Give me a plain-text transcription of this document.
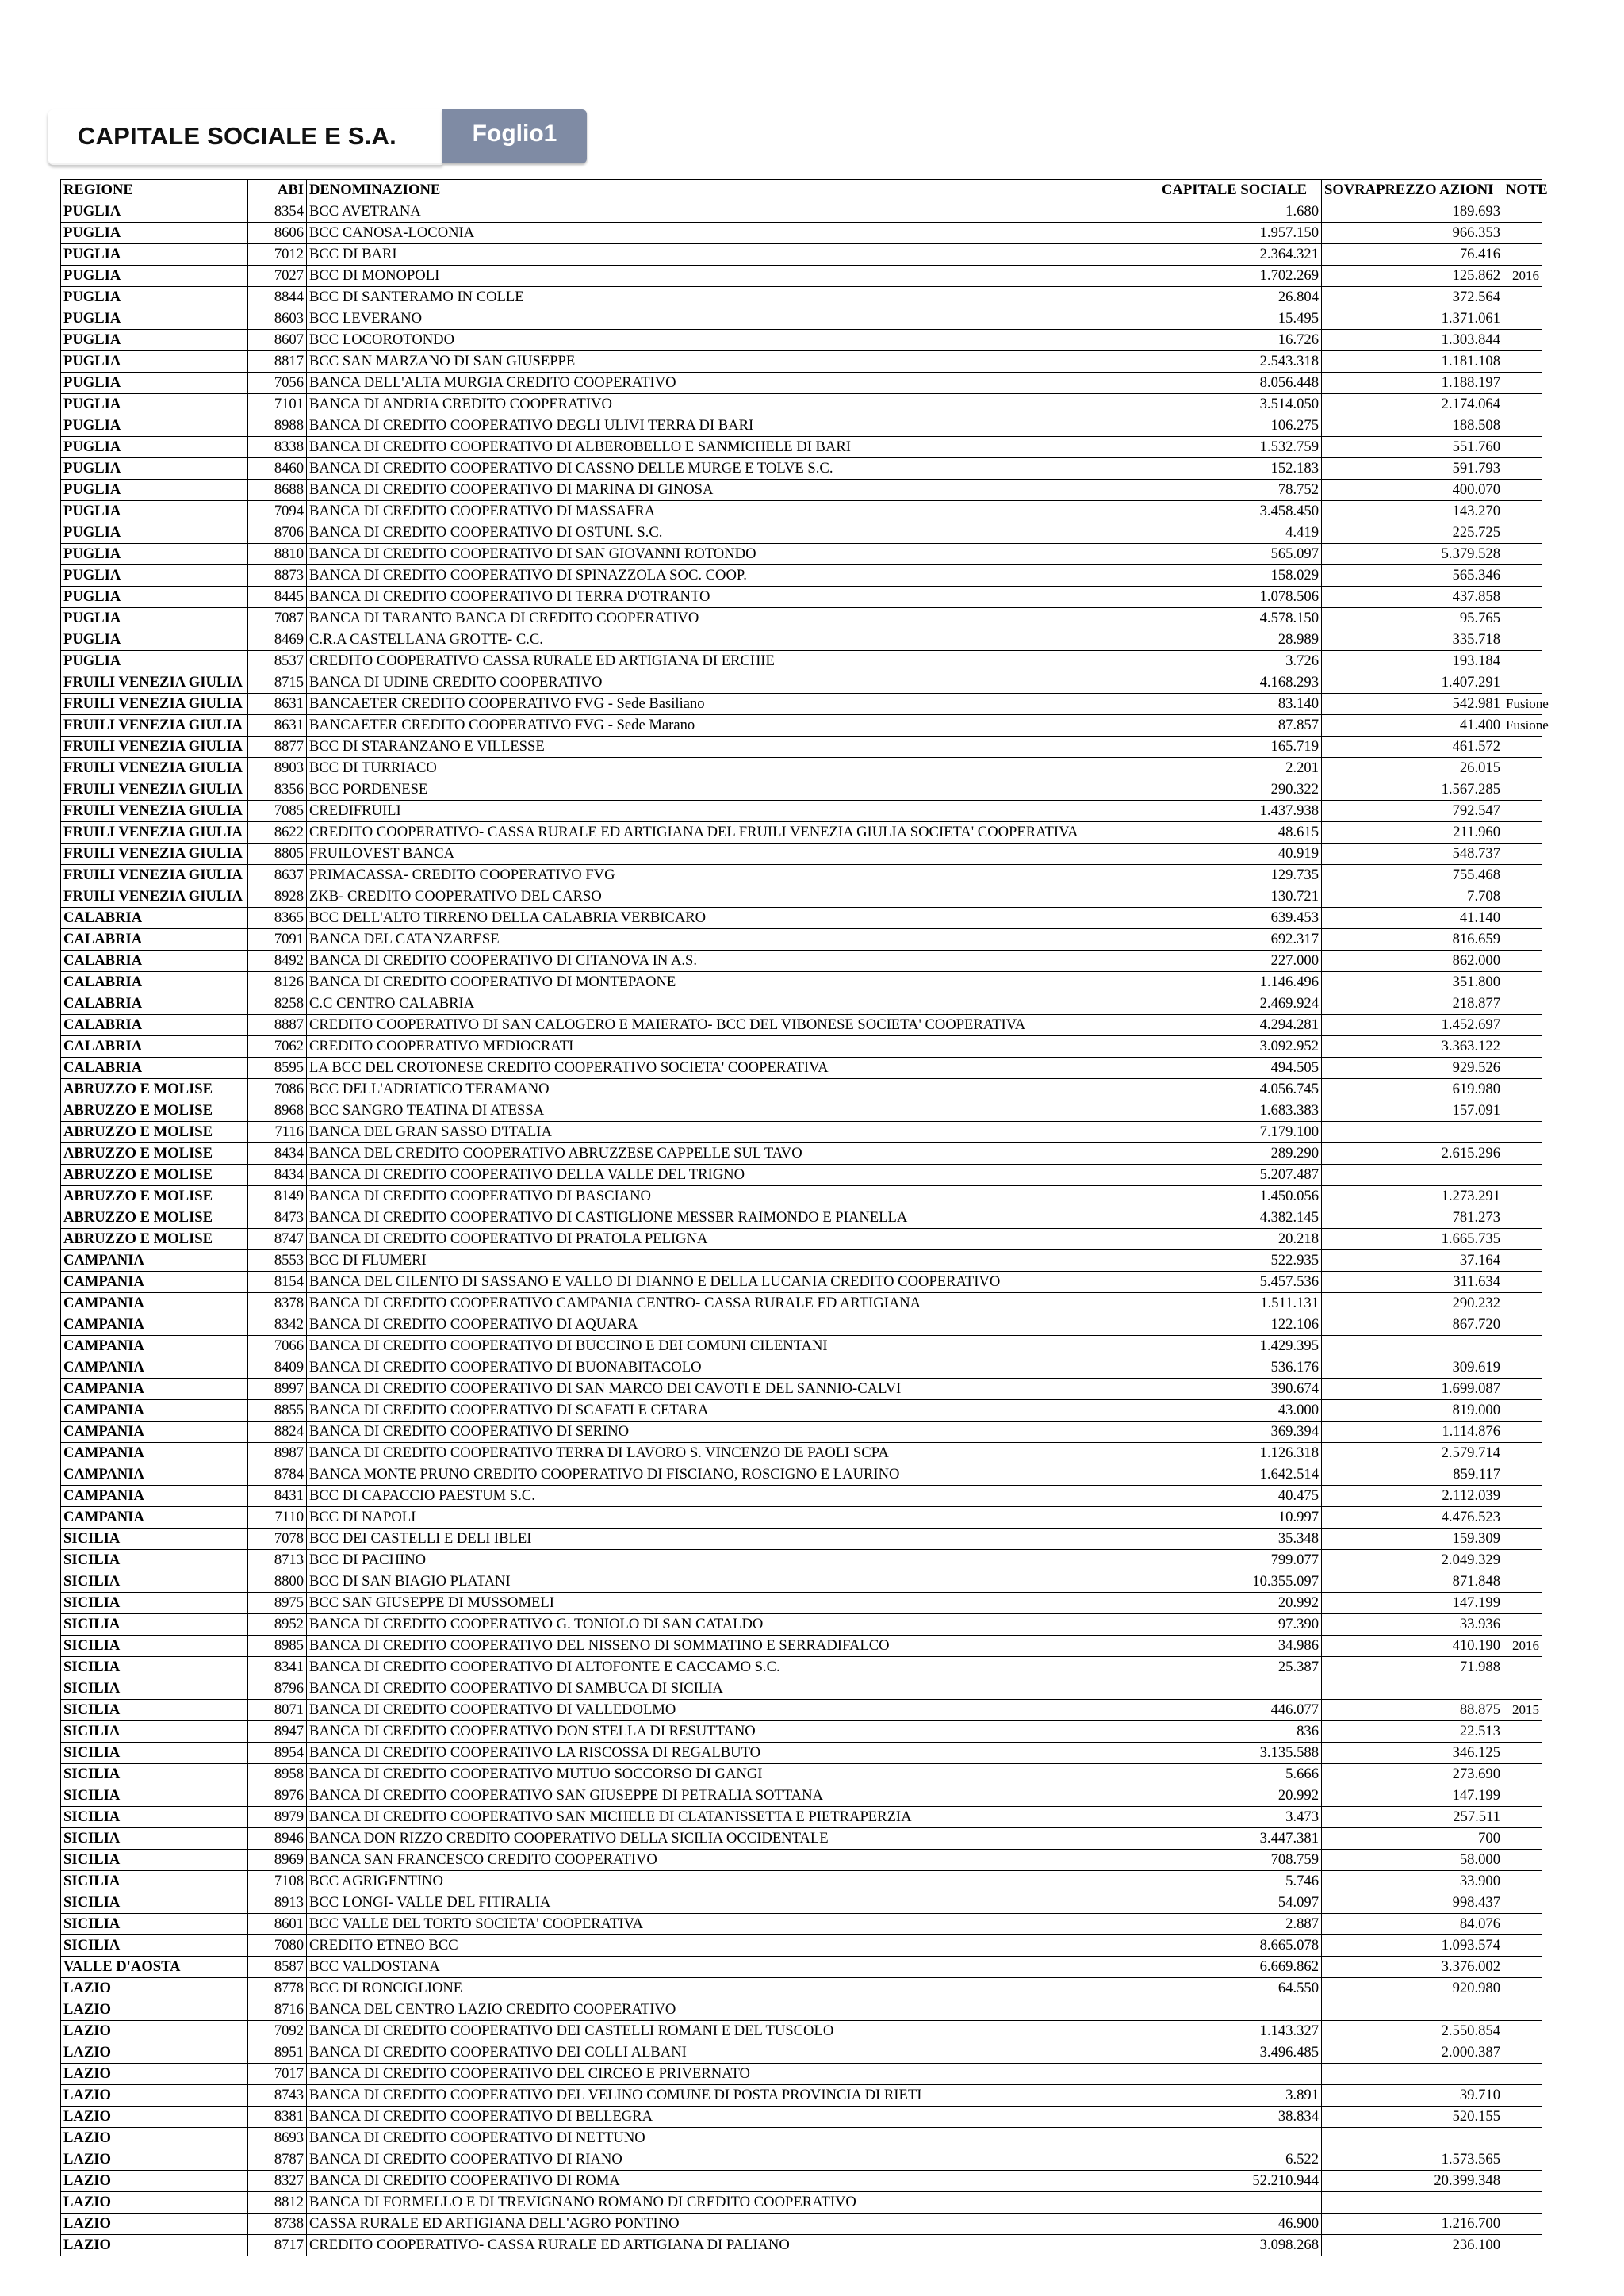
CAPITALE SOCIALE E S.A.	Foglio1
REGIONE	ABI	DENOMINAZIONE	CAPITALE SOCIALE	SOVRAPREZZO AZIONI	NOTE
PUGLIA	8354	BCC AVETRANA	1.680	189.693	
PUGLIA	8606	BCC CANOSA-LOCONIA	1.957.150	966.353	
PUGLIA	7012	BCC DI BARI	2.364.321	76.416	
PUGLIA	7027	BCC DI MONOPOLI	1.702.269	125.862	2016
PUGLIA	8844	BCC DI SANTERAMO IN COLLE	26.804	372.564	
PUGLIA	8603	BCC LEVERANO	15.495	1.371.061	
PUGLIA	8607	BCC LOCOROTONDO	16.726	1.303.844	
PUGLIA	8817	BCC SAN MARZANO DI SAN GIUSEPPE	2.543.318	1.181.108	
PUGLIA	7056	BANCA DELL'ALTA MURGIA CREDITO COOPERATIVO	8.056.448	1.188.197	
PUGLIA	7101	BANCA DI ANDRIA CREDITO COOPERATIVO	3.514.050	2.174.064	
PUGLIA	8988	BANCA DI CREDITO COOPERATIVO DEGLI ULIVI TERRA DI BARI	106.275	188.508	
PUGLIA	8338	BANCA DI CREDITO COOPERATIVO DI ALBEROBELLO E SANMICHELE DI BARI	1.532.759	551.760	
PUGLIA	8460	BANCA DI CREDITO COOPERATIVO DI CASSNO DELLE MURGE E TOLVE S.C.	152.183	591.793	
PUGLIA	8688	BANCA DI CREDITO COOPERATIVO DI MARINA DI GINOSA	78.752	400.070	
PUGLIA	7094	BANCA DI CREDITO COOPERATIVO DI MASSAFRA	3.458.450	143.270	
PUGLIA	8706	BANCA DI CREDITO COOPERATIVO DI OSTUNI. S.C.	4.419	225.725	
PUGLIA	8810	BANCA DI CREDITO COOPERATIVO DI SAN GIOVANNI ROTONDO	565.097	5.379.528	
PUGLIA	8873	BANCA DI CREDITO COOPERATIVO DI SPINAZZOLA SOC. COOP.	158.029	565.346	
PUGLIA	8445	BANCA DI CREDITO COOPERATIVO DI TERRA D'OTRANTO	1.078.506	437.858	
PUGLIA	7087	BANCA DI TARANTO BANCA DI CREDITO COOPERATIVO	4.578.150	95.765	
PUGLIA	8469	C.R.A CASTELLANA GROTTE- C.C.	28.989	335.718	
PUGLIA	8537	CREDITO COOPERATIVO CASSA RURALE ED ARTIGIANA DI ERCHIE	3.726	193.184	
FRUILI VENEZIA GIULIA	8715	BANCA DI UDINE CREDITO COOPERATIVO	4.168.293	1.407.291	
FRUILI VENEZIA GIULIA	8631	BANCAETER CREDITO COOPERATIVO FVG - Sede Basiliano	83.140	542.981	Fusione
FRUILI VENEZIA GIULIA	8631	BANCAETER CREDITO COOPERATIVO FVG - Sede Marano	87.857	41.400	Fusione
FRUILI VENEZIA GIULIA	8877	BCC DI STARANZANO E VILLESSE	165.719	461.572	
FRUILI VENEZIA GIULIA	8903	BCC DI TURRIACO	2.201	26.015	
FRUILI VENEZIA GIULIA	8356	BCC PORDENESE	290.322	1.567.285	
FRUILI VENEZIA GIULIA	7085	CREDIFRUILI	1.437.938	792.547	
FRUILI VENEZIA GIULIA	8622	CREDITO COOPERATIVO- CASSA RURALE ED ARTIGIANA DEL FRUILI VENEZIA GIULIA SOCIETA' COOPERATIVA	48.615	211.960	
FRUILI VENEZIA GIULIA	8805	FRUILOVEST BANCA	40.919	548.737	
FRUILI VENEZIA GIULIA	8637	PRIMACASSA- CREDITO COOPERATIVO FVG	129.735	755.468	
FRUILI VENEZIA GIULIA	8928	ZKB- CREDITO COOPERATIVO DEL CARSO	130.721	7.708	
CALABRIA	8365	BCC DELL'ALTO TIRRENO DELLA CALABRIA VERBICARO	639.453	41.140	
CALABRIA	7091	BANCA DEL CATANZARESE	692.317	816.659	
CALABRIA	8492	BANCA DI CREDITO COOPERATIVO DI CITANOVA IN A.S.	227.000	862.000	
CALABRIA	8126	BANCA DI CREDITO COOPERATIVO DI MONTEPAONE	1.146.496	351.800	
CALABRIA	8258	C.C CENTRO CALABRIA	2.469.924	218.877	
CALABRIA	8887	CREDITO COOPERATIVO DI SAN CALOGERO E MAIERATO- BCC DEL VIBONESE SOCIETA' COOPERATIVA	4.294.281	1.452.697	
CALABRIA	7062	CREDITO COOPERATIVO MEDIOCRATI	3.092.952	3.363.122	
CALABRIA	8595	LA BCC DEL CROTONESE CREDITO COOPERATIVO SOCIETA' COOPERATIVA	494.505	929.526	
ABRUZZO E MOLISE	7086	BCC DELL'ADRIATICO TERAMANO	4.056.745	619.980	
ABRUZZO E MOLISE	8968	BCC SANGRO TEATINA DI ATESSA	1.683.383	157.091	
ABRUZZO E MOLISE	7116	BANCA DEL GRAN SASSO D'ITALIA	7.179.100		
ABRUZZO E MOLISE	8434	BANCA DEL CREDITO COOPERATIVO ABRUZZESE CAPPELLE SUL TAVO	289.290	2.615.296	
ABRUZZO E MOLISE	8434	BANCA DI CREDITO COOPERATIVO DELLA VALLE DEL TRIGNO	5.207.487		
ABRUZZO E MOLISE	8149	BANCA DI CREDITO COOPERATIVO DI BASCIANO	1.450.056	1.273.291	
ABRUZZO E MOLISE	8473	BANCA DI CREDITO COOPERATIVO DI CASTIGLIONE MESSER RAIMONDO E PIANELLA	4.382.145	781.273	
ABRUZZO E MOLISE	8747	BANCA DI CREDITO COOPERATIVO DI PRATOLA PELIGNA	20.218	1.665.735	
CAMPANIA	8553	BCC DI FLUMERI	522.935	37.164	
CAMPANIA	8154	BANCA DEL CILENTO DI SASSANO E VALLO DI DIANNO E DELLA LUCANIA CREDITO COOPERATIVO	5.457.536	311.634	
CAMPANIA	8378	BANCA DI CREDITO COOPERATIVO CAMPANIA CENTRO- CASSA RURALE ED ARTIGIANA	1.511.131	290.232	
CAMPANIA	8342	BANCA DI CREDITO COOPERATIVO DI AQUARA	122.106	867.720	
CAMPANIA	7066	BANCA DI CREDITO COOPERATIVO DI BUCCINO E DEI COMUNI CILENTANI	1.429.395		
CAMPANIA	8409	BANCA DI CREDITO COOPERATIVO DI BUONABITACOLO	536.176	309.619	
CAMPANIA	8997	BANCA DI CREDITO COOPERATIVO DI SAN MARCO DEI CAVOTI E DEL SANNIO-CALVI	390.674	1.699.087	
CAMPANIA	8855	BANCA DI CREDITO COOPERATIVO DI SCAFATI E CETARA	43.000	819.000	
CAMPANIA	8824	BANCA DI CREDITO COOPERATIVO DI SERINO	369.394	1.114.876	
CAMPANIA	8987	BANCA DI CREDITO COOPERATIVO TERRA DI LAVORO S. VINCENZO DE PAOLI SCPA	1.126.318	2.579.714	
CAMPANIA	8784	BANCA MONTE PRUNO CREDITO COOPERATIVO DI FISCIANO, ROSCIGNO E LAURINO	1.642.514	859.117	
CAMPANIA	8431	BCC DI CAPACCIO PAESTUM S.C.	40.475	2.112.039	
CAMPANIA	7110	BCC DI NAPOLI	10.997	4.476.523	
SICILIA	7078	BCC DEI CASTELLI E DELI IBLEI	35.348	159.309	
SICILIA	8713	BCC DI PACHINO	799.077	2.049.329	
SICILIA	8800	BCC DI SAN BIAGIO PLATANI	10.355.097	871.848	
SICILIA	8975	BCC SAN GIUSEPPE DI MUSSOMELI	20.992	147.199	
SICILIA	8952	BANCA DI CREDITO COOPERATIVO G. TONIOLO DI SAN CATALDO	97.390	33.936	
SICILIA	8985	BANCA DI CREDITO COOPERATIVO DEL NISSENO DI SOMMATINO E SERRADIFALCO	34.986	410.190	2016
SICILIA	8341	BANCA DI CREDITO COOPERATIVO DI ALTOFONTE E CACCAMO S.C.	25.387	71.988	
SICILIA	8796	BANCA DI CREDITO COOPERATIVO DI SAMBUCA DI SICILIA			
SICILIA	8071	BANCA DI CREDITO COOPERATIVO DI VALLEDOLMO	446.077	88.875	2015
SICILIA	8947	BANCA DI CREDITO COOPERATIVO DON STELLA DI RESUTTANO	836	22.513	
SICILIA	8954	BANCA DI CREDITO COOPERATIVO LA RISCOSSA DI REGALBUTO	3.135.588	346.125	
SICILIA	8958	BANCA DI CREDITO COOPERATIVO MUTUO SOCCORSO DI GANGI	5.666	273.690	
SICILIA	8976	BANCA DI CREDITO COOPERATIVO SAN GIUSEPPE DI PETRALIA SOTTANA	20.992	147.199	
SICILIA	8979	BANCA DI CREDITO COOPERATIVO SAN MICHELE DI CLATANISSETTA E PIETRAPERZIA	3.473	257.511	
SICILIA	8946	BANCA DON RIZZO CREDITO COOPERATIVO DELLA SICILIA OCCIDENTALE	3.447.381	700	
SICILIA	8969	BANCA SAN FRANCESCO CREDITO COOPERATIVO	708.759	58.000	
SICILIA	7108	BCC AGRIGENTINO	5.746	33.900	
SICILIA	8913	BCC LONGI- VALLE DEL FITIRALIA	54.097	998.437	
SICILIA	8601	BCC VALLE DEL TORTO SOCIETA' COOPERATIVA	2.887	84.076	
SICILIA	7080	CREDITO ETNEO BCC	8.665.078	1.093.574	
VALLE D'AOSTA	8587	BCC VALDOSTANA	6.669.862	3.376.002	
LAZIO	8778	BCC DI RONCIGLIONE	64.550	920.980	
LAZIO	8716	BANCA DEL CENTRO LAZIO CREDITO COOPERATIVO			
LAZIO	7092	BANCA DI CREDITO COOPERATIVO DEI CASTELLI ROMANI E DEL TUSCOLO	1.143.327	2.550.854	
LAZIO	8951	BANCA DI CREDITO COOPERATIVO DEI COLLI ALBANI	3.496.485	2.000.387	
LAZIO	7017	BANCA DI CREDITO COOPERATIVO DEL CIRCEO E PRIVERNATO			
LAZIO	8743	BANCA DI CREDITO COOPERATIVO DEL VELINO COMUNE DI POSTA PROVINCIA DI RIETI	3.891	39.710	
LAZIO	8381	BANCA DI CREDITO COOPERATIVO DI BELLEGRA	38.834	520.155	
LAZIO	8693	BANCA DI CREDITO COOPERATIVO DI NETTUNO			
LAZIO	8787	BANCA DI CREDITO COOPERATIVO DI RIANO	6.522	1.573.565	
LAZIO	8327	BANCA DI CREDITO COOPERATIVO DI ROMA	52.210.944	20.399.348	
LAZIO	8812	BANCA DI FORMELLO E DI TREVIGNANO ROMANO DI CREDITO COOPERATIVO			
LAZIO	8738	CASSA RURALE ED ARTIGIANA DELL'AGRO PONTINO	46.900	1.216.700	
LAZIO	8717	CREDITO COOPERATIVO- CASSA RURALE ED ARTIGIANA DI PALIANO	3.098.268	236.100	
